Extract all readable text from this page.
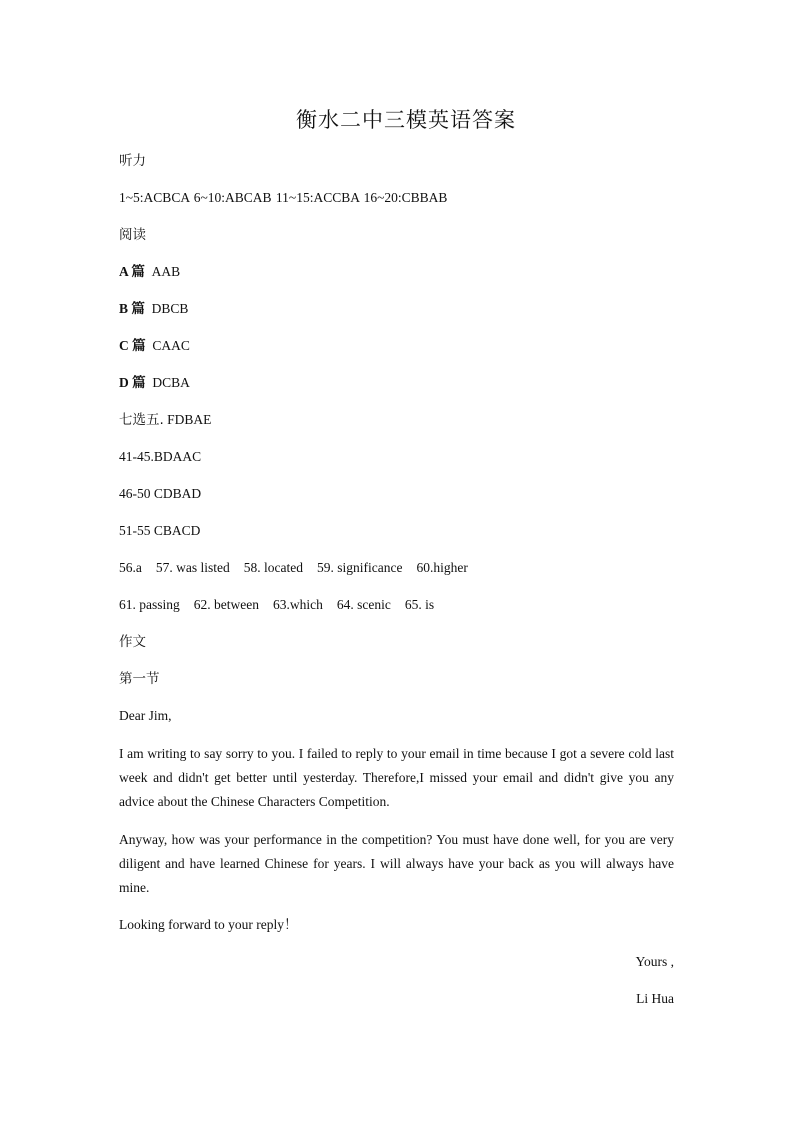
衡水二中三模英语答案
听力
1~5:ACBCA 6~10:ABCAB 11~15:ACCBA 16~20:CBBAB
阅读
A 篇 AAB
B 篇 DBCB
C 篇 CAAC
D 篇 DCBA
七选五. FDBAE
41-45.BDAAC
46-50 CDBAD
51-55 CBACD
56.a 57. was listed 58. located 59. significance 60.higher
61. passing 62. between 63.which 64. scenic 65. is
作文
第一节
Dear Jim,

I am writing to say sorry to you. I failed to reply to your email in time because I got a severe cold last week and didn't get better until yesterday. Therefore,I missed your email and didn't give you any advice about the Chinese Characters Competition.

Anyway, how was your performance in the competition? You must have done well, for you are very diligent and have learned Chinese for years. I will always have your back as you will always have mine.

Looking forward to your reply！
Yours ,
Li Hua
